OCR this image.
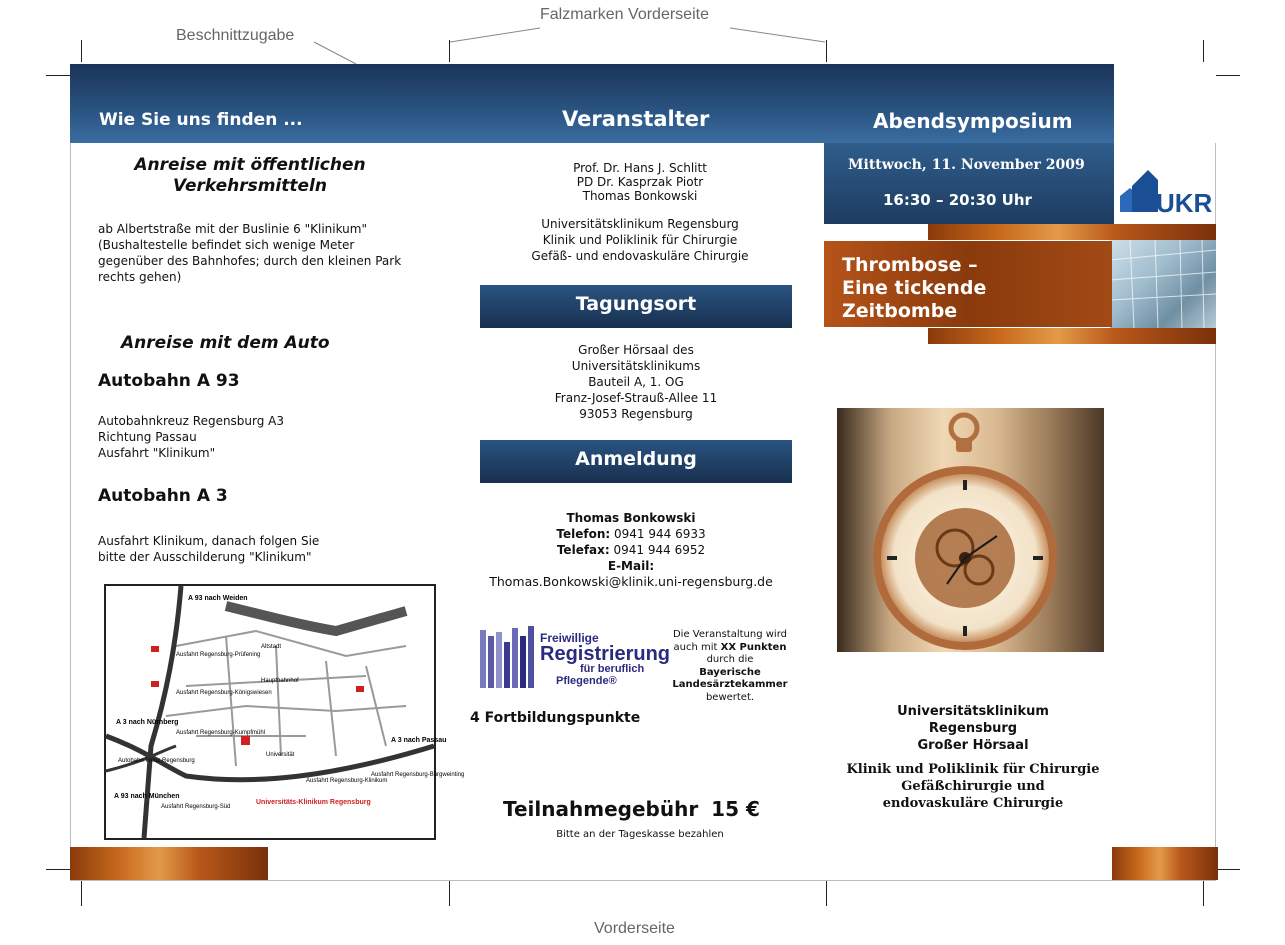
Falzmarken Vorderseite
Beschnittzugabe
Vorderseite
Wie Sie uns finden ...	Veranstalter	Abendsymposium
Mittwoch, 11. November 2009
16:30 – 20:30 Uhr	UKR
Anreise mit öffentlichen Verkehrsmitteln
ab Albertstraße mit der Buslinie 6 "Klinikum" (Bushaltestelle befindet sich wenige Meter gegenüber des Bahnhofes; durch den kleinen Park rechts gehen)
Anreise mit dem Auto
Autobahn A 93
Autobahnkreuz Regensburg A3
Richtung Passau
Ausfahrt "Klinikum"
Autobahn A 3
Ausfahrt Klinikum, danach folgen Sie
bitte der Ausschilderung "Klinikum"
A 93 nach Weiden
A 3 nach Nürnberg
A 93 nach München
A 3 nach Passau
Autobahn-kreuz Regensburg
Ausfahrt Regensburg-Prüfening
Ausfahrt Regensburg-Königswiesen
Ausfahrt Regensburg-Kumpfmühl
Ausfahrt Regensburg-Süd
Ausfahrt Regensburg-Klinikum
Ausfahrt Regensburg-Burgweinting
Altstadt
Hauptbahnhof
Universität
Universitäts-Klinikum Regensburg
Prof. Dr. Hans J. Schlitt
PD Dr. Kasprzak Piotr
Thomas Bonkowski
Universitätsklinikum Regensburg
Klinik und Poliklinik für Chirurgie
Gefäß- und endovaskuläre Chirurgie
Tagungsort
Großer Hörsaal des
Universitätsklinikums
Bauteil A, 1. OG
Franz-Josef-Strauß-Allee 11
93053 Regensburg
Anmeldung
Thomas Bonkowski
Telefon: 0941 944 6933
Telefax: 0941 944 6952
E-Mail:
Thomas.Bonkowski@klinik.uni-regensburg.de
Freiwillige
Registrierung
für beruflich
Pflegende®
Die Veranstaltung wird
auch mit XX Punkten
durch die
Bayerische
Landesärztekammer
bewertet.
4 Fortbildungspunkte
Teilnahmegebühr 15 €
Bitte an der Tageskasse bezahlen
Thrombose –
Eine tickende
Zeitbombe
Universitätsklinikum
Regensburg
Großer Hörsaal
Klinik und Poliklinik für Chirurgie
Gefäßchirurgie und
endovaskuläre Chirurgie
